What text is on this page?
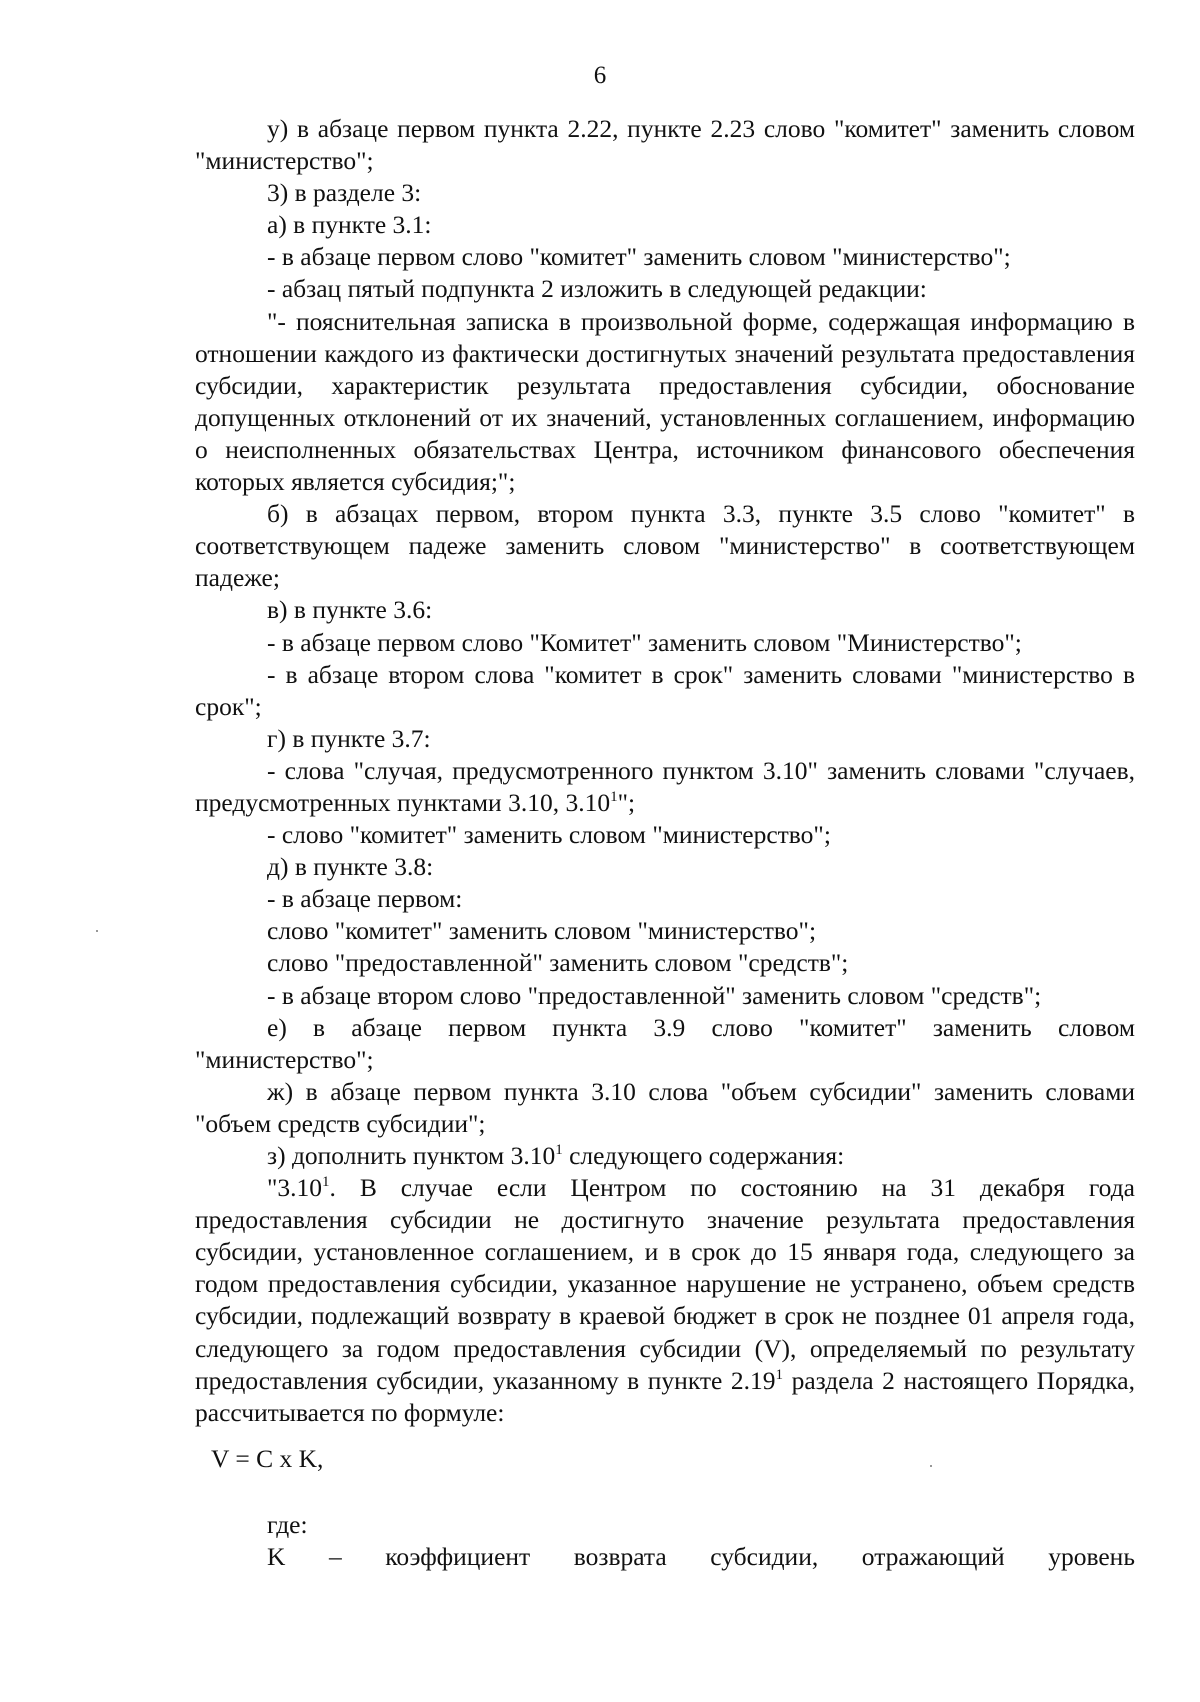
6

у) в абзаце первом пункта 2.22, пункте 2.23 слово "комитет" заменить словом "министерство";

3) в разделе 3:

а) в пункте 3.1:

- в абзаце первом слово "комитет" заменить словом "министерство";

- абзац пятый подпункта 2 изложить в следующей редакции:

"- пояснительная записка в произвольной форме, содержащая информацию в отношении каждого из фактически достигнутых значений результата предоставления субсидии, характеристик результата предоставления субсидии, обоснование допущенных отклонений от их значений, установленных соглашением, информацию о неисполненных обязательствах Центра, источником финансового обеспечения которых является субсидия;";

б) в абзацах первом, втором пункта 3.3, пункте 3.5 слово "комитет" в соответствующем падеже заменить словом "министерство" в соответствующем падеже;

в) в пункте 3.6:

- в абзаце первом слово "Комитет" заменить словом "Министерство";

- в абзаце втором слова "комитет в срок" заменить словами "министерство в срок";

г) в пункте 3.7:

- слова "случая, предусмотренного пунктом 3.10" заменить словами "случаев, предусмотренных пунктами 3.10, 3.10$^1$";

- слово "комитет" заменить словом "министерство";

д) в пункте 3.8:

- в абзаце первом:

слово "комитет" заменить словом "министерство";

слово "предоставленной" заменить словом "средств";

- в абзаце втором слово "предоставленной" заменить словом "средств";

е) в абзаце первом пункта 3.9 слово "комитет" заменить словом "министерство";

ж) в абзаце первом пункта 3.10 слова "объем субсидии" заменить словами "объем средств субсидии";

з) дополнить пунктом 3.10$^1$ следующего содержания:

"3.10$^1$. В случае если Центром по состоянию на 31 декабря года предоставления субсидии не достигнуто значение результата предоставления субсидии, установленное соглашением, и в срок до 15 января года, следующего за годом предоставления субсидии, указанное нарушение не устранено, объем средств субсидии, подлежащий возврату в краевой бюджет в срок не позднее 01 апреля года, следующего за годом предоставления субсидии (V), определяемый по результату предоставления субсидии, указанному в пункте 2.19$^1$ раздела 2 настоящего Порядка, рассчитывается по формуле:

V = C x K,

где:

K – коэффициент возврата субсидии, отражающий уровень
